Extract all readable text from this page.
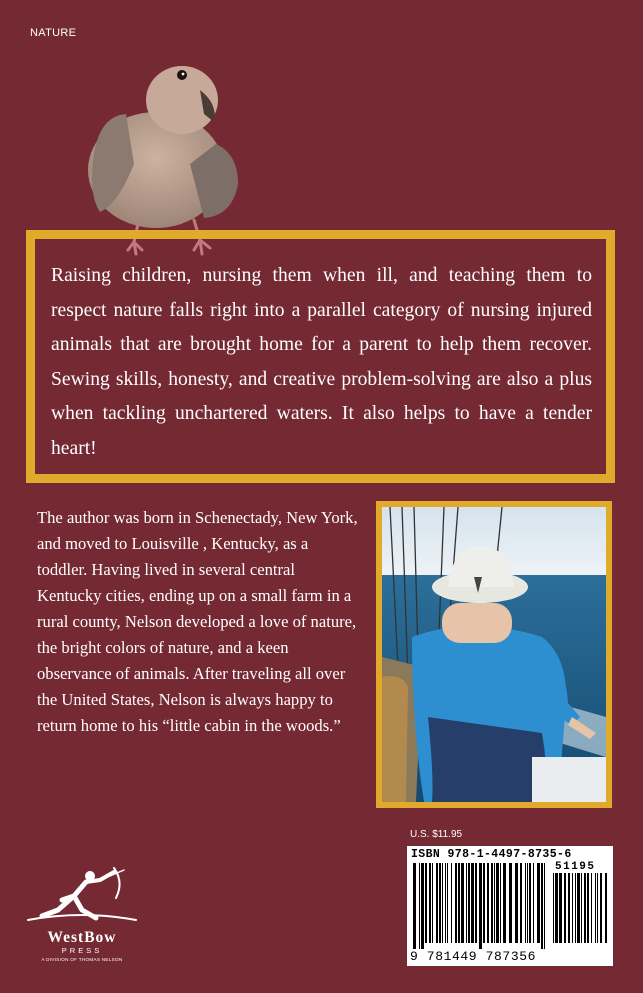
NATURE

Raising children, nursing them when ill, and teaching them to respect nature falls right into a parallel category of nursing injured animals that are brought home for a parent to help them recover. Sewing skills, honesty, and creative problem-solving are also a plus when tackling unchartered waters. It also helps to have a tender heart!

The author was born in Schenectady, New York, and moved to Louisville , Kentucky, as a toddler. Having lived in several central Kentucky cities, ending up on a small farm in a rural county, Nelson developed a love of nature, the bright colors of nature, and a keen observance of animals. After traveling all over the United States, Nelson is always happy to return home to his “little cabin in the woods.”

U.S. $11.95
ISBN 978-1-4497-8735-6
51195
9 781449 787356
WestBow
PRESS
A DIVISION OF THOMAS NELSON
